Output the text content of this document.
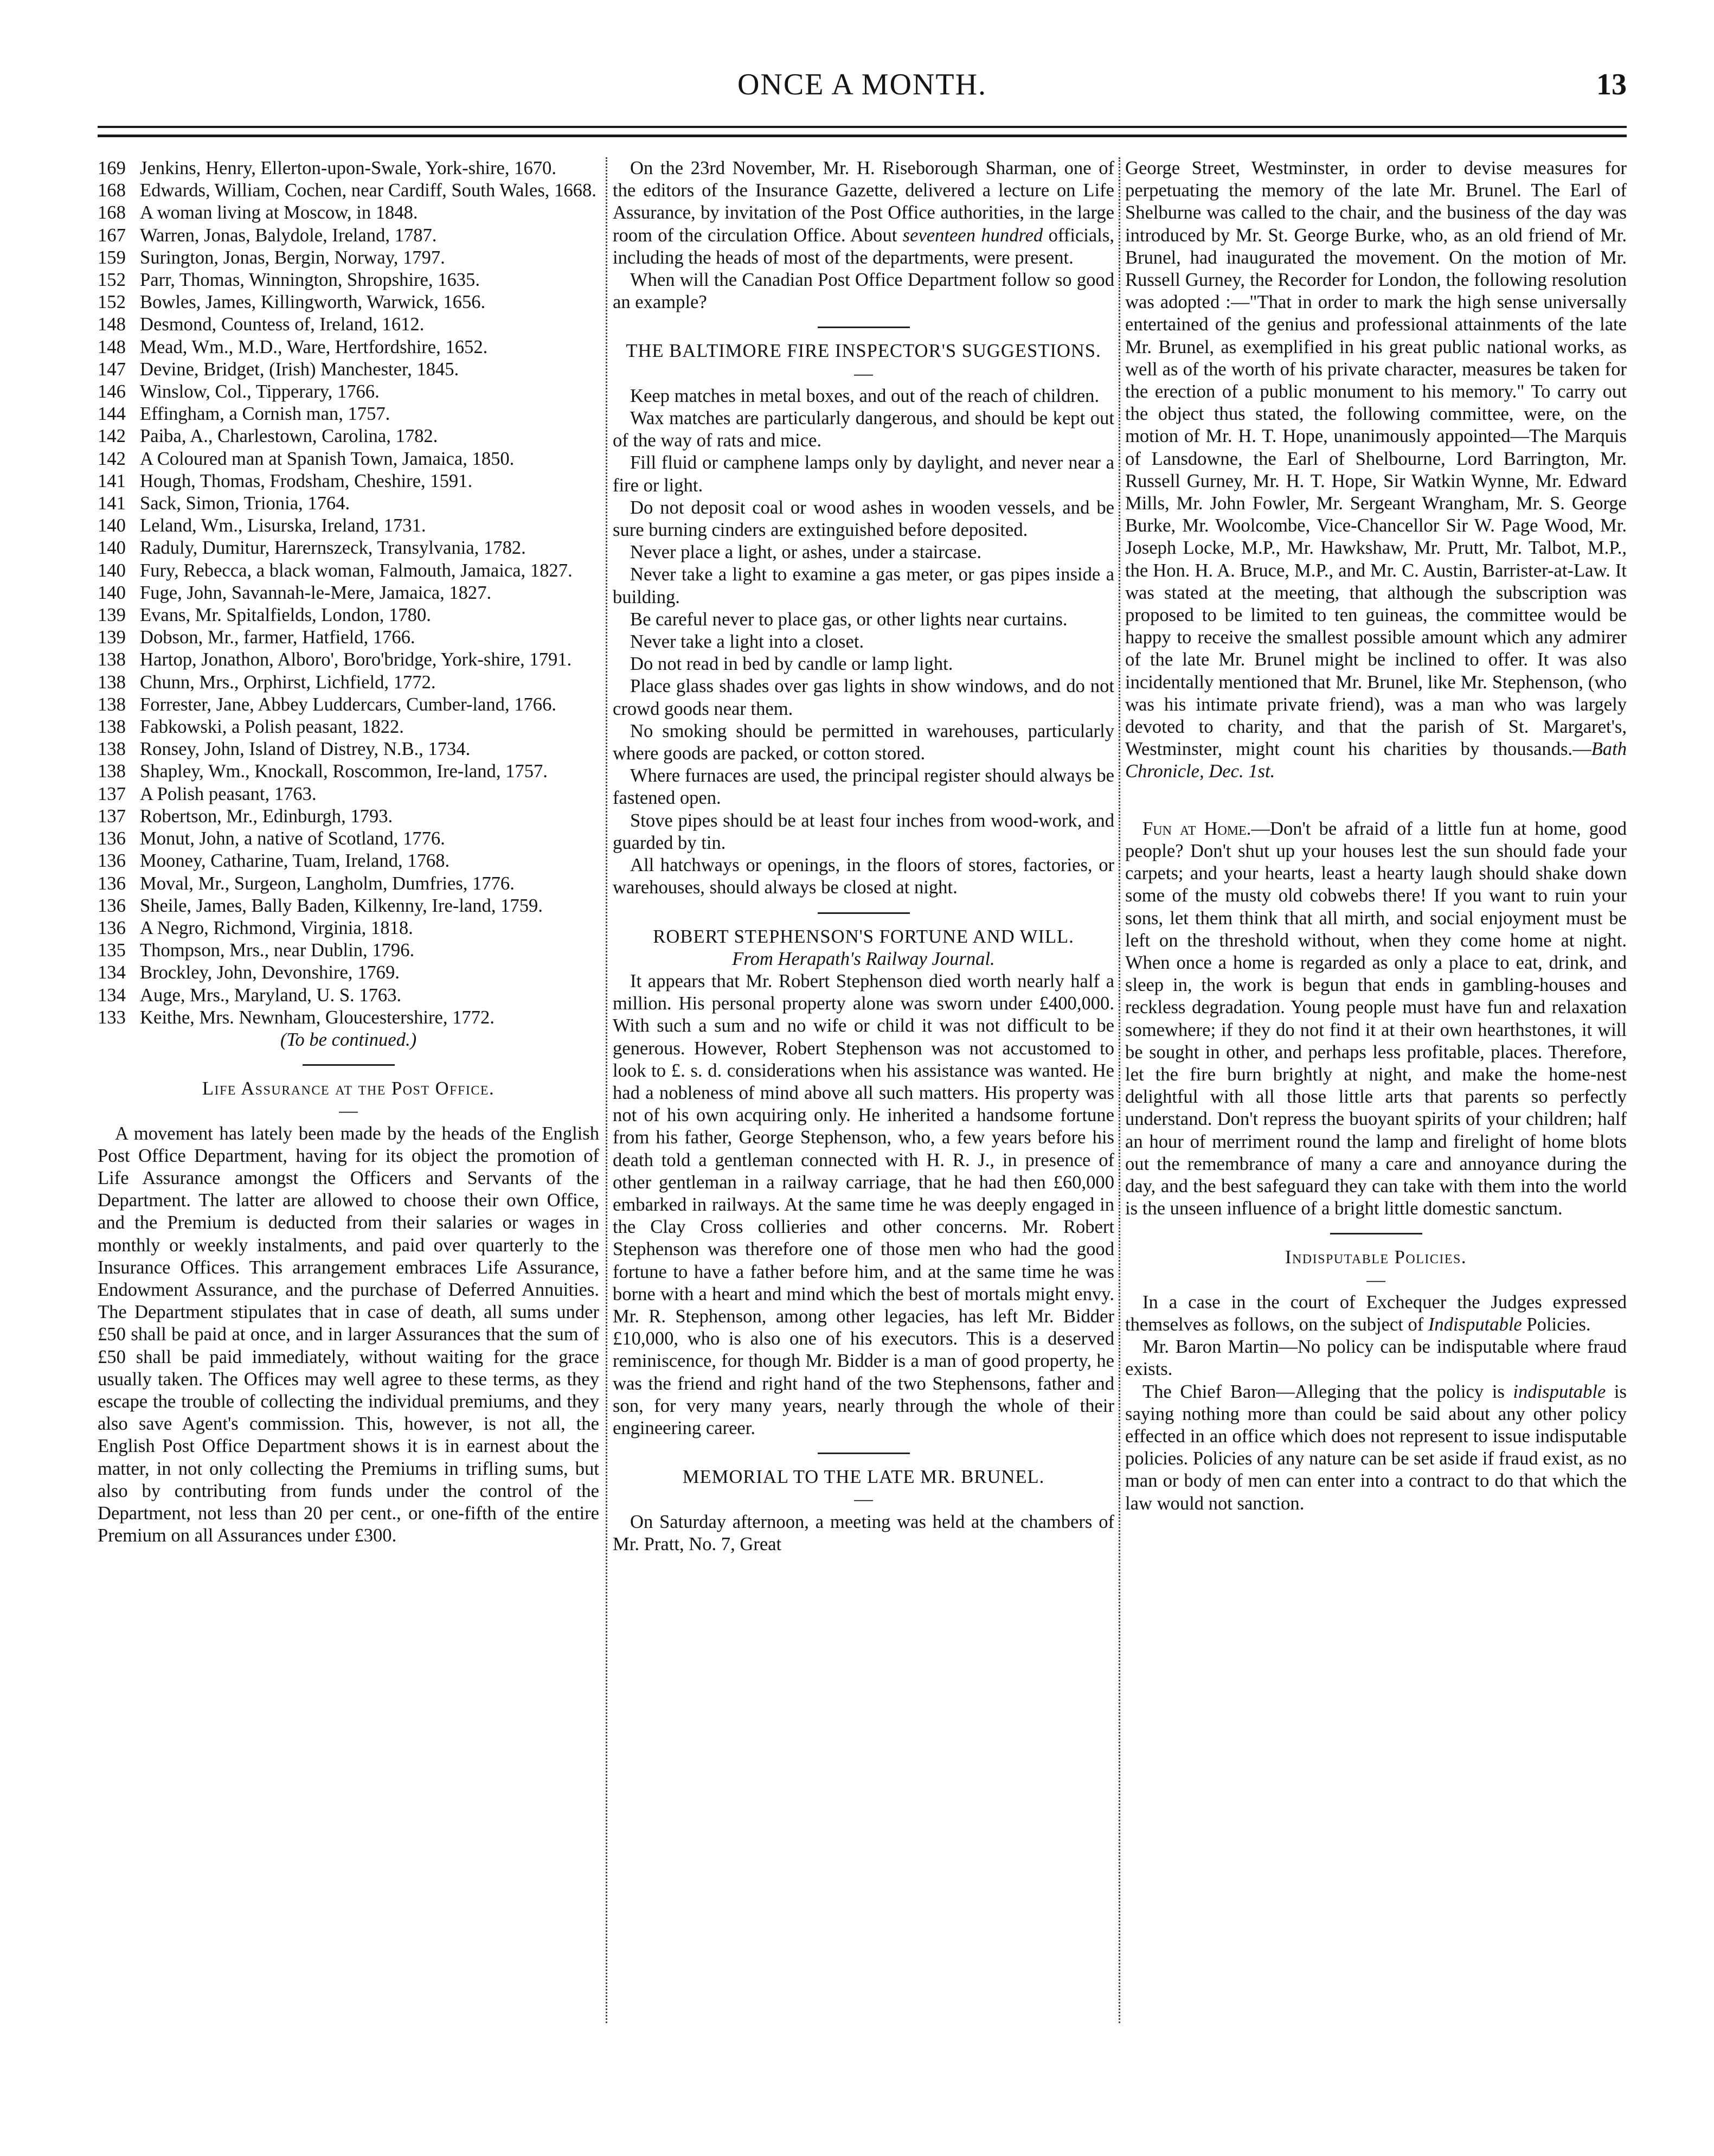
ONCE A MONTH.	13

169 Jenkins, Henry, Ellerton-upon-Swale, York-shire, 1670.

168 Edwards, William, Cochen, near Cardiff, South Wales, 1668.

168 A woman living at Moscow, in 1848.

167 Warren, Jonas, Balydole, Ireland, 1787.

159 Surington, Jonas, Bergin, Norway, 1797.

152 Parr, Thomas, Winnington, Shropshire, 1635.

152 Bowles, James, Killingworth, Warwick, 1656.

148 Desmond, Countess of, Ireland, 1612.

148 Mead, Wm., M.D., Ware, Hertfordshire, 1652.

147 Devine, Bridget, (Irish) Manchester, 1845.

146 Winslow, Col., Tipperary, 1766.

144 Effingham, a Cornish man, 1757.

142 Paiba, A., Charlestown, Carolina, 1782.

142 A Coloured man at Spanish Town, Jamaica, 1850.

141 Hough, Thomas, Frodsham, Cheshire, 1591.

141 Sack, Simon, Trionia, 1764.

140 Leland, Wm., Lisurska, Ireland, 1731.

140 Raduly, Dumitur, Harernszeck, Transylvania, 1782.

140 Fury, Rebecca, a black woman, Falmouth, Jamaica, 1827.

140 Fuge, John, Savannah-le-Mere, Jamaica, 1827.

139 Evans, Mr. Spitalfields, London, 1780.

139 Dobson, Mr., farmer, Hatfield, 1766.

138 Hartop, Jonathon, Alboro', Boro'bridge, York-shire, 1791.

138 Chunn, Mrs., Orphirst, Lichfield, 1772.

138 Forrester, Jane, Abbey Luddercars, Cumber-land, 1766.

138 Fabkowski, a Polish peasant, 1822.

138 Ronsey, John, Island of Distrey, N.B., 1734.

138 Shapley, Wm., Knockall, Roscommon, Ire-land, 1757.

137 A Polish peasant, 1763.

137 Robertson, Mr., Edinburgh, 1793.

136 Monut, John, a native of Scotland, 1776.

136 Mooney, Catharine, Tuam, Ireland, 1768.

136 Moval, Mr., Surgeon, Langholm, Dumfries, 1776.

136 Sheile, James, Bally Baden, Kilkenny, Ire-land, 1759.

136 A Negro, Richmond, Virginia, 1818.

135 Thompson, Mrs., near Dublin, 1796.

134 Brockley, John, Devonshire, 1769.

134 Auge, Mrs., Maryland, U. S. 1763.

133 Keithe, Mrs. Newnham, Gloucestershire, 1772.

(To be continued.)

Life Assurance at the Post Office.

—

A movement has lately been made by the heads of the English Post Office Department, having for its object the promotion of Life Assurance amongst the Officers and Servants of the Department. The latter are allowed to choose their own Office, and the Premium is deducted from their salaries or wages in monthly or weekly instalments, and paid over quarterly to the Insurance Offices. This arrangement embraces Life Assurance, Endowment Assurance, and the purchase of Deferred Annuities. The Department stipulates that in case of death, all sums under £50 shall be paid at once, and in larger Assurances that the sum of £50 shall be paid immediately, without waiting for the grace usually taken. The Offices may well agree to these terms, as they escape the trouble of collecting the individual premiums, and they also save Agent's commission. This, however, is not all, the English Post Office Department shows it is in earnest about the matter, in not only collecting the Premiums in trifling sums, but also by contributing from funds under the control of the Department, not less than 20 per cent., or one-fifth of the entire Premium on all Assurances under £300.

On the 23rd November, Mr. H. Riseborough Sharman, one of the editors of the Insurance Gazette, delivered a lecture on Life Assurance, by invitation of the Post Office authorities, in the large room of the circulation Office. About seventeen hundred officials, including the heads of most of the departments, were present.

When will the Canadian Post Office Department follow so good an example?

THE BALTIMORE FIRE INSPECTOR'S SUGGESTIONS.

—

Keep matches in metal boxes, and out of the reach of children.

Wax matches are particularly dangerous, and should be kept out of the way of rats and mice.

Fill fluid or camphene lamps only by daylight, and never near a fire or light.

Do not deposit coal or wood ashes in wooden vessels, and be sure burning cinders are extinguished before deposited.

Never place a light, or ashes, under a staircase.

Never take a light to examine a gas meter, or gas pipes inside a building.

Be careful never to place gas, or other lights near curtains.

Never take a light into a closet.

Do not read in bed by candle or lamp light.

Place glass shades over gas lights in show windows, and do not crowd goods near them.

No smoking should be permitted in warehouses, particularly where goods are packed, or cotton stored.

Where furnaces are used, the principal register should always be fastened open.

Stove pipes should be at least four inches from wood-work, and guarded by tin.

All hatchways or openings, in the floors of stores, factories, or warehouses, should always be closed at night.

ROBERT STEPHENSON'S FORTUNE AND WILL.

From Herapath's Railway Journal.

It appears that Mr. Robert Stephenson died worth nearly half a million. His personal property alone was sworn under £400,000. With such a sum and no wife or child it was not difficult to be generous. However, Robert Stephenson was not accustomed to look to £. s. d. considerations when his assistance was wanted. He had a nobleness of mind above all such matters. His property was not of his own acquiring only. He inherited a handsome fortune from his father, George Stephenson, who, a few years before his death told a gentleman connected with H. R. J., in presence of other gentleman in a railway carriage, that he had then £60,000 embarked in railways. At the same time he was deeply engaged in the Clay Cross collieries and other concerns. Mr. Robert Stephenson was therefore one of those men who had the good fortune to have a father before him, and at the same time he was borne with a heart and mind which the best of mortals might envy. Mr. R. Stephenson, among other legacies, has left Mr. Bidder £10,000, who is also one of his executors. This is a deserved reminiscence, for though Mr. Bidder is a man of good property, he was the friend and right hand of the two Stephensons, father and son, for very many years, nearly through the whole of their engineering career.

MEMORIAL TO THE LATE MR. BRUNEL.

—

On Saturday afternoon, a meeting was held at the chambers of Mr. Pratt, No. 7, Great

George Street, Westminster, in order to devise measures for perpetuating the memory of the late Mr. Brunel. The Earl of Shelburne was called to the chair, and the business of the day was introduced by Mr. St. George Burke, who, as an old friend of Mr. Brunel, had inaugurated the movement. On the motion of Mr. Russell Gurney, the Recorder for London, the following resolution was adopted :—"That in order to mark the high sense universally entertained of the genius and professional attainments of the late Mr. Brunel, as exemplified in his great public national works, as well as of the worth of his private character, measures be taken for the erection of a public monument to his memory." To carry out the object thus stated, the following committee, were, on the motion of Mr. H. T. Hope, unanimously appointed—The Marquis of Lansdowne, the Earl of Shelbourne, Lord Barrington, Mr. Russell Gurney, Mr. H. T. Hope, Sir Watkin Wynne, Mr. Edward Mills, Mr. John Fowler, Mr. Sergeant Wrangham, Mr. S. George Burke, Mr. Woolcombe, Vice-Chancellor Sir W. Page Wood, Mr. Joseph Locke, M.P., Mr. Hawkshaw, Mr. Prutt, Mr. Talbot, M.P., the Hon. H. A. Bruce, M.P., and Mr. C. Austin, Barrister-at-Law. It was stated at the meeting, that although the subscription was proposed to be limited to ten guineas, the committee would be happy to receive the smallest possible amount which any admirer of the late Mr. Brunel might be inclined to offer. It was also incidentally mentioned that Mr. Brunel, like Mr. Stephenson, (who was his intimate private friend), was a man who was largely devoted to charity, and that the parish of St. Margaret's, Westminster, might count his charities by thousands.—Bath Chronicle, Dec. 1st.

Fun at Home.—Don't be afraid of a little fun at home, good people? Don't shut up your houses lest the sun should fade your carpets; and your hearts, least a hearty laugh should shake down some of the musty old cobwebs there! If you want to ruin your sons, let them think that all mirth, and social enjoyment must be left on the threshold without, when they come home at night. When once a home is regarded as only a place to eat, drink, and sleep in, the work is begun that ends in gambling-houses and reckless degradation. Young people must have fun and relaxation somewhere; if they do not find it at their own hearthstones, it will be sought in other, and perhaps less profitable, places. Therefore, let the fire burn brightly at night, and make the home-nest delightful with all those little arts that parents so perfectly understand. Don't repress the buoyant spirits of your children; half an hour of merriment round the lamp and firelight of home blots out the remembrance of many a care and annoyance during the day, and the best safeguard they can take with them into the world is the unseen influence of a bright little domestic sanctum.

Indisputable Policies.

—

In a case in the court of Exchequer the Judges expressed themselves as follows, on the subject of Indisputable Policies.

Mr. Baron Martin—No policy can be indisputable where fraud exists.

The Chief Baron—Alleging that the policy is indisputable is saying nothing more than could be said about any other policy effected in an office which does not represent to issue indisputable policies. Policies of any nature can be set aside if fraud exist, as no man or body of men can enter into a contract to do that which the law would not sanction.
